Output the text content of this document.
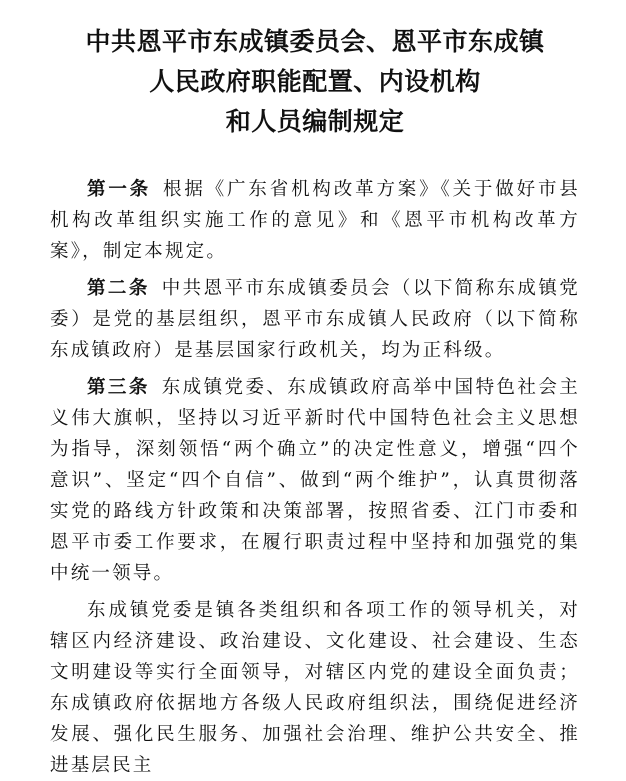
中共恩平市东成镇委员会、恩平市东成镇
人民政府职能配置、内设机构
和人员编制规定

第一条 根据《广东省机构改革方案》《关于做好市县机构改革组织实施工作的意见》和《恩平市机构改革方案》，制定本规定。

第二条 中共恩平市东成镇委员会（以下简称东成镇党委）是党的基层组织，恩平市东成镇人民政府（以下简称东成镇政府）是基层国家行政机关，均为正科级。

第三条 东成镇党委、东成镇政府高举中国特色社会主义伟大旗帜，坚持以习近平新时代中国特色社会主义思想为指导，深刻领悟“两个确立”的决定性意义，增强“四个意识”、坚定“四个自信”、做到“两个维护”，认真贯彻落实党的路线方针政策和决策部署，按照省委、江门市委和恩平市委工作要求，在履行职责过程中坚持和加强党的集中统一领导。

东成镇党委是镇各类组织和各项工作的领导机关，对辖区内经济建设、政治建设、文化建设、社会建设、生态文明建设等实行全面领导，对辖区内党的建设全面负责；东成镇政府依据地方各级人民政府组织法，围绕促进经济发展、强化民生服务、加强社会治理、维护公共安全、推进基层民主
